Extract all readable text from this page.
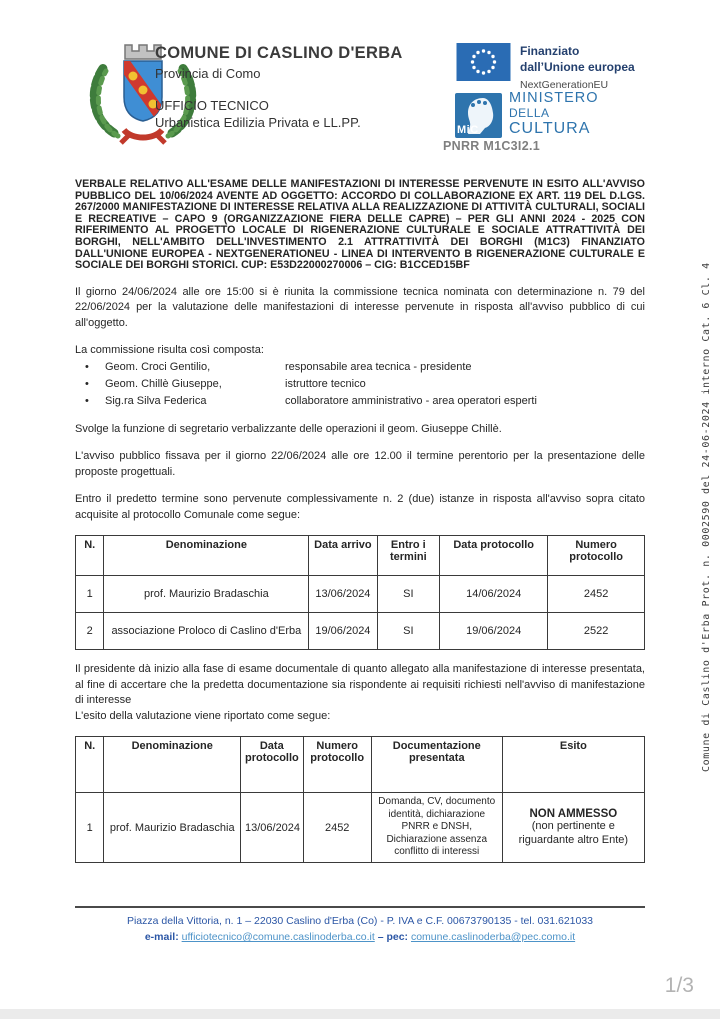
COMUNE DI CASLINO D'ERBA
Provincia di Como
UFFICIO TECNICO
Urbanistica Edilizia Privata e LL.PP.
Finanziato
dall’Unione europea
NextGenerationEU
MiC
MINISTERO
DELLA
CULTURA
PNRR M1C3I2.1
Comune di Caslino d'Erba Prot. n. 0002590 del 24-06-2024 interno Cat. 6 Cl. 4

VERBALE RELATIVO ALL'ESAME DELLE MANIFESTAZIONI DI INTERESSE PERVENUTE IN ESITO ALL'AVVISO PUBBLICO DEL 10/06/2024 AVENTE AD OGGETTO: ACCORDO DI COLLABORAZIONE EX ART. 119 DEL D.LGS. 267/2000 MANIFESTAZIONE DI INTERESSE RELATIVA ALLA REALIZZAZIONE DI ATTIVITÀ CULTURALI, SOCIALI E RECREATIVE – CAPO 9 (ORGANIZZAZIONE FIERA DELLE CAPRE) – PER GLI ANNI 2024 - 2025 CON RIFERIMENTO AL PROGETTO LOCALE DI RIGENERAZIONE CULTURALE E SOCIALE ATTRATTIVITÀ DEI BORGHI, NELL'AMBITO DELL'INVESTIMENTO 2.1 ATTRATTIVITÀ DEI BORGHI (M1C3) FINANZIATO DALL'UNIONE EUROPEA - NEXTGENERATIONEU - LINEA DI INTERVENTO B RIGENERAZIONE CULTURALE E SOCIALE DEI BORGHI STORICI. CUP: E53D22000270006 – CIG: B1CCED15BF

Il giorno 24/06/2024 alle ore 15:00 si è riunita la commissione tecnica nominata con determinazione n. 79 del 22/06/2024 per la valutazione delle manifestazioni di interesse pervenute in risposta all'avviso pubblico di cui all'oggetto.

La commissione risulta così composta:
•
Geom. Croci Gentilio,	responsabile area tecnica - presidente
•
Geom. Chillè Giuseppe,	istruttore tecnico
•
Sig.ra Silva Federica	collaboratore amministrativo - area operatori esperti

Svolge la funzione di segretario verbalizzante delle operazioni il geom. Giuseppe Chillè.

L'avviso pubblico fissava per il giorno 22/06/2024 alle ore 12.00 il termine perentorio per la presentazione delle proposte progettuali.

Entro il predetto termine sono pervenute complessivamente n. 2 (due) istanze in risposta all'avviso sopra citato acquisite al protocollo Comunale come segue:

N.	Denominazione	Data arrivo	Entro i termini	Data protocollo	Numero protocollo
1	prof. Maurizio Bradaschia	13/06/2024	SI	14/06/2024	2452
2	associazione Proloco di Caslino d'Erba	19/06/2024	SI	19/06/2024	2522

Il presidente dà inizio alla fase di esame documentale di quanto allegato alla manifestazione di interesse presentata, al fine di accertare che la predetta documentazione sia rispondente ai requisiti richiesti nell'avviso di manifestazione di interesse

L'esito della valutazione viene riportato come segue:

N.	Denominazione	Data protocollo	Numero protocollo	Documentazione presentata	Esito
1	prof. Maurizio Bradaschia	13/06/2024	2452	Domanda, CV, documento identità, dichiarazione PNRR e DNSH, Dichiarazione assenza conflitto di interessi	NON AMMESSO
(non pertinente e riguardante altro Ente)
Piazza della Vittoria, n. 1 – 22030 Caslino d'Erba (Co) - P. IVA e C.F. 00673790135 - tel. 031.621033
e-mail: ufficiotecnico@comune.caslinoderba.co.it – pec: comune.caslinoderba@pec.como.it
1/3
